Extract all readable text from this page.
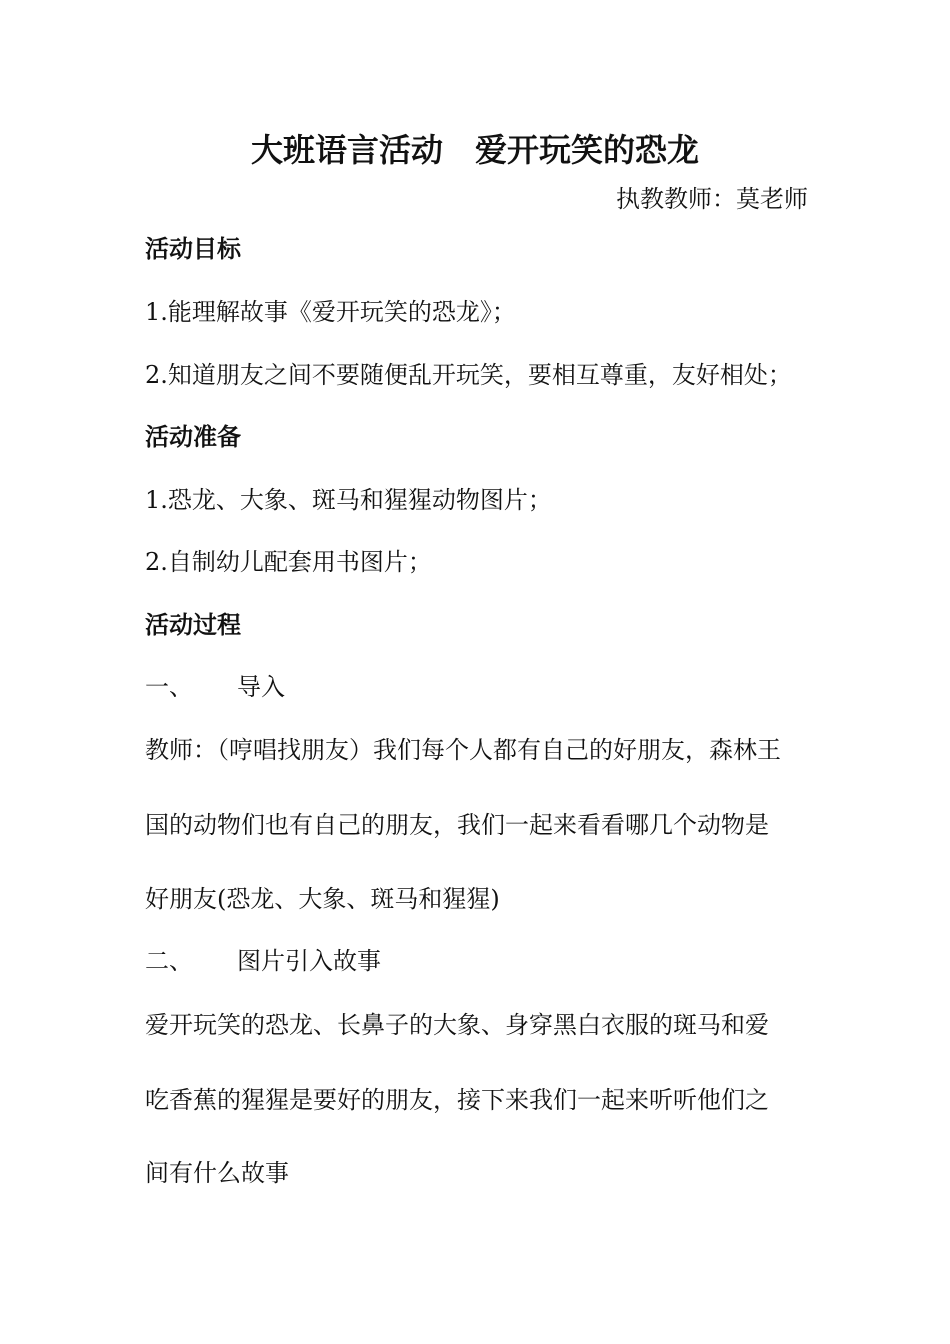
大班语言活动　爱开玩笑的恐龙
执教教师：莫老师
活动目标
1.能理解故事《爱开玩笑的恐龙》；
2.知道朋友之间不要随便乱开玩笑，要相互尊重，友好相处；
活动准备
1.恐龙、大象、斑马和猩猩动物图片；
2.自制幼儿配套用书图片；
活动过程
一、 导入
教师：（哼唱找朋友）我们每个人都有自己的好朋友，森林王
国的动物们也有自己的朋友，我们一起来看看哪几个动物是
好朋友(恐龙、大象、斑马和猩猩)
二、 图片引入故事
爱开玩笑的恐龙、长鼻子的大象、身穿黑白衣服的斑马和爱
吃香蕉的猩猩是要好的朋友，接下来我们一起来听听他们之
间有什么故事
